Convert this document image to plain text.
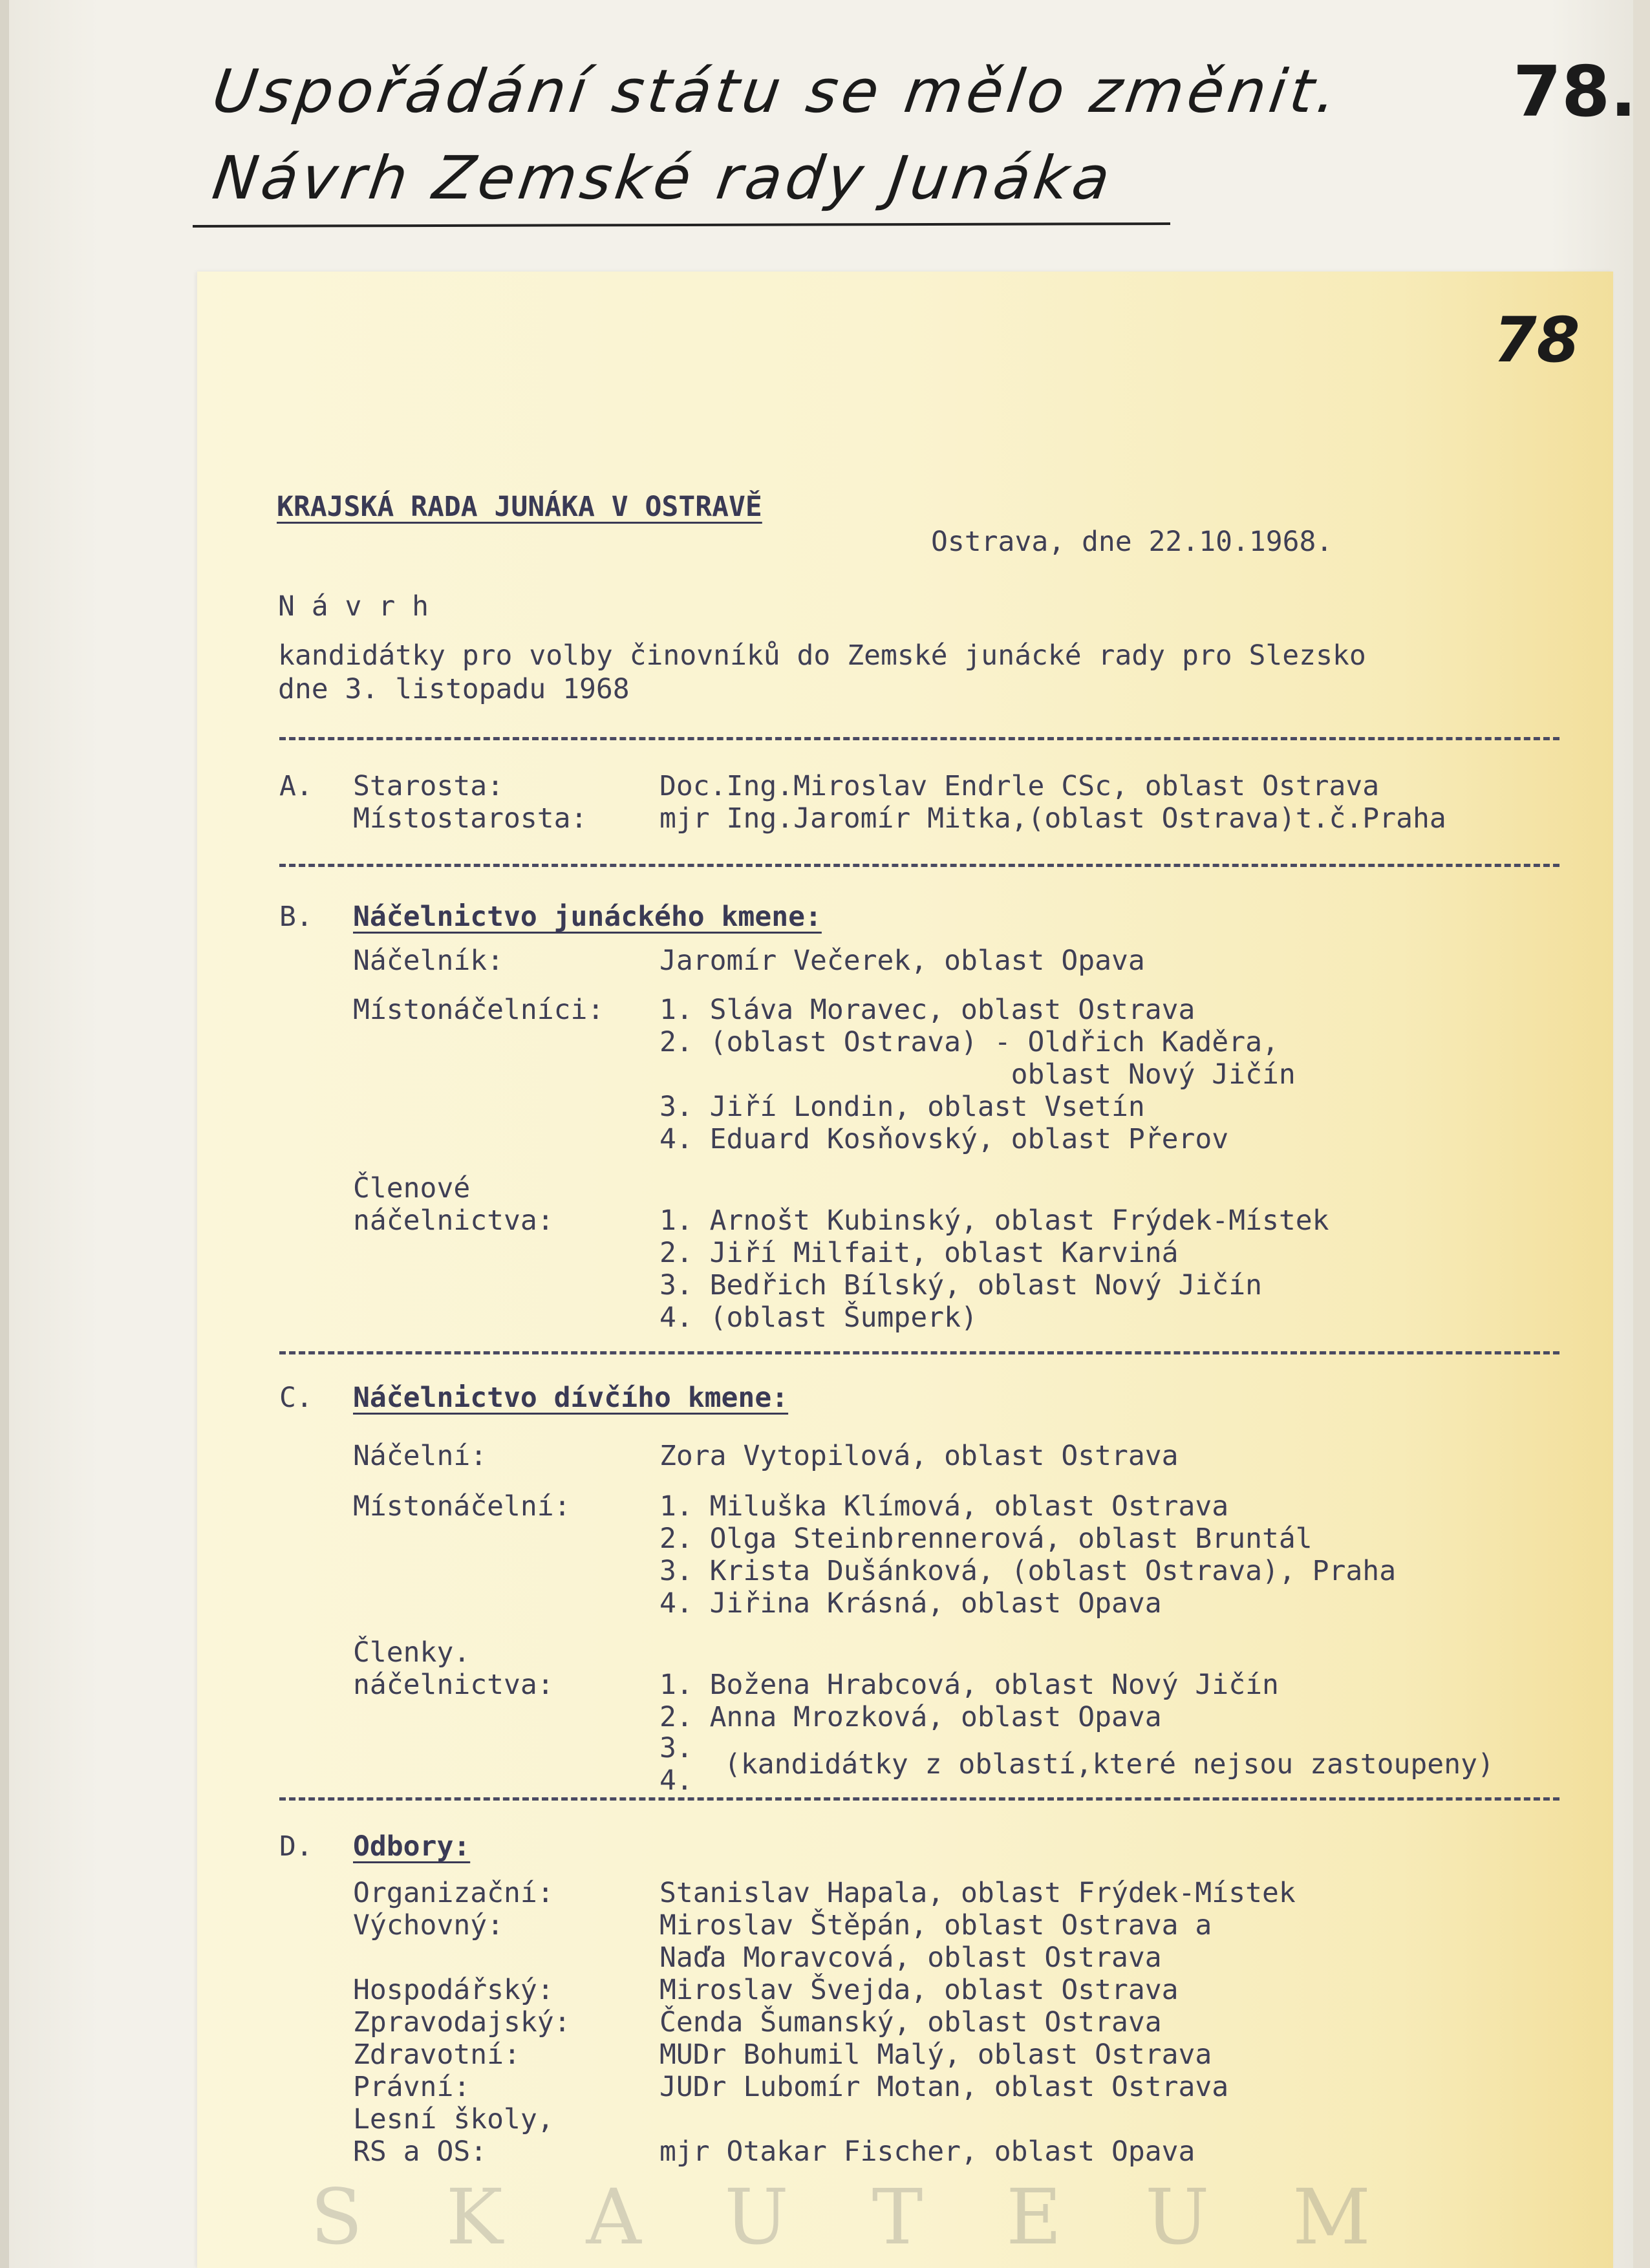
Uspořádání státu se mělo změnit.
Návrh Zemské rady Junáka
78.
78
KRAJSKÁ RADA JUNÁKA V OSTRAVĚ
Ostrava, dne 22.10.1968.
N á v r h
kandidátky pro volby činovníků do Zemské junácké rady pro Slezsko
dne 3. listopadu 1968
A. Starosta:	Doc.Ing.Miroslav Endrle CSc, oblast Ostrava
Místostarosta:	mjr Ing.Jaromír Mitka,(oblast Ostrava)t.č.Praha
B. Náčelnictvo junáckého kmene:
Náčelník:	Jaromír Večerek, oblast Opava
Místonáčelníci: 1. Sláva Moravec, oblast Ostrava
2. (oblast Ostrava) - Oldřich Kaděra,
oblast Nový Jičín
3. Jiří Londin, oblast Vsetín
4. Eduard Kosňovský, oblast Přerov
Členové
náčelnictva:	1. Arnošt Kubinský, oblast Frýdek-Místek
2. Jiří Milfait, oblast Karviná
3. Bedřich Bílský, oblast Nový Jičín
4. (oblast Šumperk)
C. Náčelnictvo dívčího kmene:
Náčelní:	Zora Vytopilová, oblast Ostrava
Místonáčelní:	1. Miluška Klímová, oblast Ostrava
2. Olga Steinbrennerová, oblast Bruntál
3. Krista Dušánková, (oblast Ostrava), Praha
4. Jiřina Krásná, oblast Opava
Členky.
náčelnictva:	1. Božena Hrabcová, oblast Nový Jičín
2. Anna Mrozková, oblast Opava
3.
4. (kandidátky z oblastí,které nejsou zastoupeny)
D. Odbory:
Organizační:	Stanislav Hapala, oblast Frýdek-Místek
Výchovný:	Miroslav Štěpán, oblast Ostrava a
Naďa Moravcová, oblast Ostrava
Hospodářský:	Miroslav Švejda, oblast Ostrava
Zpravodajský:	Čenda Šumanský, oblast Ostrava
Zdravotní:	MUDr Bohumil Malý, oblast Ostrava
Právní:	JUDr Lubomír Motan, oblast Ostrava
Lesní školy,
RS a OS:	mjr Otakar Fischer, oblast Opava
S K A U T E U M
